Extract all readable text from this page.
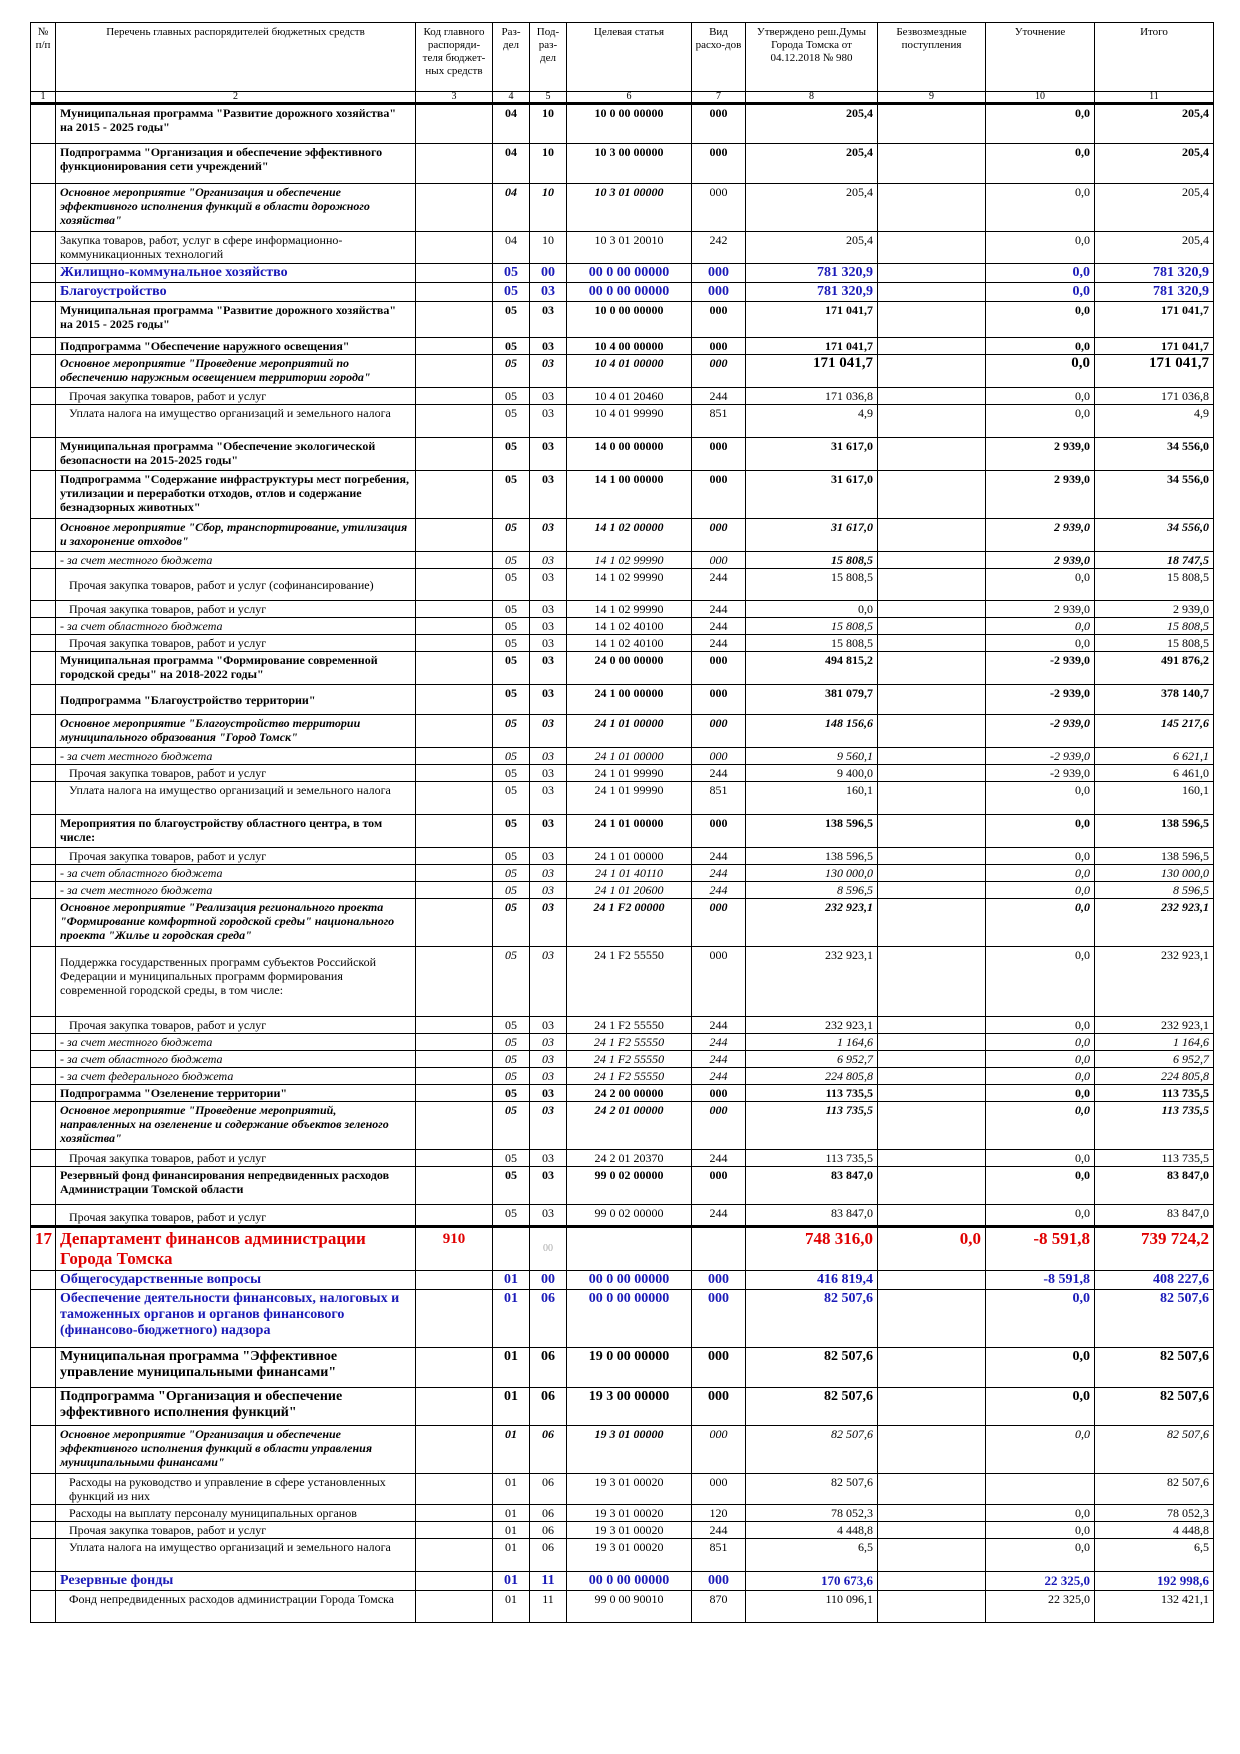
№ п/п	Перечень главных распорядителей бюджетных средств	Код главного распоряди-теля бюджет-ных средств	Раз-дел	Под-раз-дел	Целевая статья	Вид расхо-дов	Утверждено реш.Думы Города Томска от 04.12.2018 № 980	Безвозмездные поступления	Уточнение	Итого
1	2	3	4	5	6	7	8	9	10	11
	Муниципальная программа "Развитие дорожного хозяйства" на 2015 - 2025 годы"		04	10	10 0 00 00000	000	205,4		0,0	205,4
	Подпрограмма "Организация и обеспечение эффективного функционирования сети учреждений"		04	10	10 3 00 00000	000	205,4		0,0	205,4
	Основное мероприятие "Организация и обеспечение эффективного исполнения функций в области дорожного хозяйства"		04	10	10 3 01 00000	000	205,4		0,0	205,4
	Закупка товаров, работ, услуг в сфере информационно-коммуникационных технологий		04	10	10 3 01 20010	242	205,4		0,0	205,4
	Жилищно-коммунальное хозяйство		05	00	00 0 00 00000	000	781 320,9		0,0	781 320,9
	Благоустройство		05	03	00 0 00 00000	000	781 320,9		0,0	781 320,9
	Муниципальная программа "Развитие дорожного хозяйства" на 2015 - 2025 годы"		05	03	10 0 00 00000	000	171 041,7		0,0	171 041,7
	Подпрограмма "Обеспечение наружного освещения"		05	03	10 4 00 00000	000	171 041,7		0,0	171 041,7
	Основное мероприятие "Проведение мероприятий по обеспечению наружным освещением территории города"		05	03	10 4 01 00000	000	171 041,7		0,0	171 041,7
	Прочая закупка товаров, работ и услуг		05	03	10 4 01 20460	244	171 036,8		0,0	171 036,8
	Уплата налога на имущество организаций и земельного налога		05	03	10 4 01 99990	851	4,9		0,0	4,9
	Муниципальная программа "Обеспечение экологической безопасности на 2015-2025 годы"		05	03	14 0 00 00000	000	31 617,0		2 939,0	34 556,0
	Подпрограмма "Содержание инфраструктуры мест погребения, утилизации и переработки отходов, отлов и содержание безнадзорных животных"		05	03	14 1 00 00000	000	31 617,0		2 939,0	34 556,0
	Основное мероприятие "Сбор, транспортирование, утилизация и захоронение отходов"		05	03	14 1 02 00000	000	31 617,0		2 939,0	34 556,0
	- за счет местного бюджета		05	03	14 1 02 99990	000	15 808,5		2 939,0	18 747,5
	Прочая закупка товаров, работ и услуг (софинансирование)		05	03	14 1 02 99990	244	15 808,5		0,0	15 808,5
	Прочая закупка товаров, работ и услуг		05	03	14 1 02 99990	244	0,0		2 939,0	2 939,0
	- за счет областного бюджета		05	03	14 1 02 40100	244	15 808,5		0,0	15 808,5
	Прочая закупка товаров, работ и услуг		05	03	14 1 02 40100	244	15 808,5		0,0	15 808,5
	Муниципальная программа "Формирование современной городской среды" на 2018-2022 годы"		05	03	24 0 00 00000	000	494 815,2		-2 939,0	491 876,2
	Подпрограмма "Благоустройство территории"		05	03	24 1 00 00000	000	381 079,7		-2 939,0	378 140,7
	Основное мероприятие "Благоустройство территории муниципального образования "Город Томск"		05	03	24 1 01 00000	000	148 156,6		-2 939,0	145 217,6
	- за счет местного бюджета		05	03	24 1 01 00000	000	9 560,1		-2 939,0	6 621,1
	Прочая закупка товаров, работ и услуг		05	03	24 1 01 99990	244	9 400,0		-2 939,0	6 461,0
	Уплата налога на имущество организаций и земельного налога		05	03	24 1 01 99990	851	160,1		0,0	160,1
	Мероприятия по благоустройству областного центра, в том числе:		05	03	24 1 01 00000	000	138 596,5		0,0	138 596,5
	Прочая закупка товаров, работ и услуг		05	03	24 1 01 00000	244	138 596,5		0,0	138 596,5
	- за счет областного бюджета		05	03	24 1 01 40110	244	130 000,0		0,0	130 000,0
	- за счет местного бюджета		05	03	24 1 01 20600	244	8 596,5		0,0	8 596,5
	Основное мероприятие "Реализация регионального проекта "Формирование комфортной городской среды" национального проекта "Жилье и городская среда"		05	03	24 1 F2 00000	000	232 923,1		0,0	232 923,1
	Поддержка государственных программ субъектов Российской Федерации и муниципальных программ формирования современной городской среды, в том числе:		05	03	24 1 F2 55550	000	232 923,1		0,0	232 923,1
	Прочая закупка товаров, работ и услуг		05	03	24 1 F2 55550	244	232 923,1		0,0	232 923,1
	- за счет местного бюджета		05	03	24 1 F2 55550	244	1 164,6		0,0	1 164,6
	- за счет областного бюджета		05	03	24 1 F2 55550	244	6 952,7		0,0	6 952,7
	- за счет федерального бюджета		05	03	24 1 F2 55550	244	224 805,8		0,0	224 805,8
	Подпрограмма "Озеленение территории"		05	03	24 2 00 00000	000	113 735,5		0,0	113 735,5
	Основное мероприятие "Проведение мероприятий, направленных на озеленение и содержание объектов зеленого хозяйства"		05	03	24 2 01 00000	000	113 735,5		0,0	113 735,5
	Прочая закупка товаров, работ и услуг		05	03	24 2 01 20370	244	113 735,5		0,0	113 735,5
	Резервный фонд финансирования непредвиденных расходов Администрации Томской области		05	03	99 0 02 00000	000	83 847,0		0,0	83 847,0
	Прочая закупка товаров, работ и услуг		05	03	99 0 02 00000	244	83 847,0		0,0	83 847,0
17	Департамент финансов администрации Города Томска	910		00			748 316,0	0,0	-8 591,8	739 724,2
	Общегосударственные вопросы		01	00	00 0 00 00000	000	416 819,4		-8 591,8	408 227,6
	Обеспечение деятельности финансовых, налоговых и таможенных органов и органов финансового (финансово-бюджетного) надзора		01	06	00 0 00 00000	000	82 507,6		0,0	82 507,6
	Муниципальная программа "Эффективное управление муниципальными финансами"		01	06	19 0 00 00000	000	82 507,6		0,0	82 507,6
	Подпрограмма "Организация и обеспечение эффективного исполнения функций"		01	06	19 3 00 00000	000	82 507,6		0,0	82 507,6
	Основное мероприятие "Организация и обеспечение эффективного исполнения функций в области управления муниципальными финансами"		01	06	19 3 01 00000	000	82 507,6		0,0	82 507,6
	Расходы на руководство и управление в сфере установленных функций из них		01	06	19 3 01 00020	000	82 507,6			82 507,6
	Расходы на выплату персоналу муниципальных органов		01	06	19 3 01 00020	120	78 052,3		0,0	78 052,3
	Прочая закупка товаров, работ и услуг		01	06	19 3 01 00020	244	4 448,8		0,0	4 448,8
	Уплата налога на имущество организаций и земельного налога		01	06	19 3 01 00020	851	6,5		0,0	6,5
	Резервные фонды		01	11	00 0 00 00000	000	170 673,6		22 325,0	192 998,6
	Фонд непредвиденных расходов администрации Города Томска		01	11	99 0 00 90010	870	110 096,1		22 325,0	132 421,1
